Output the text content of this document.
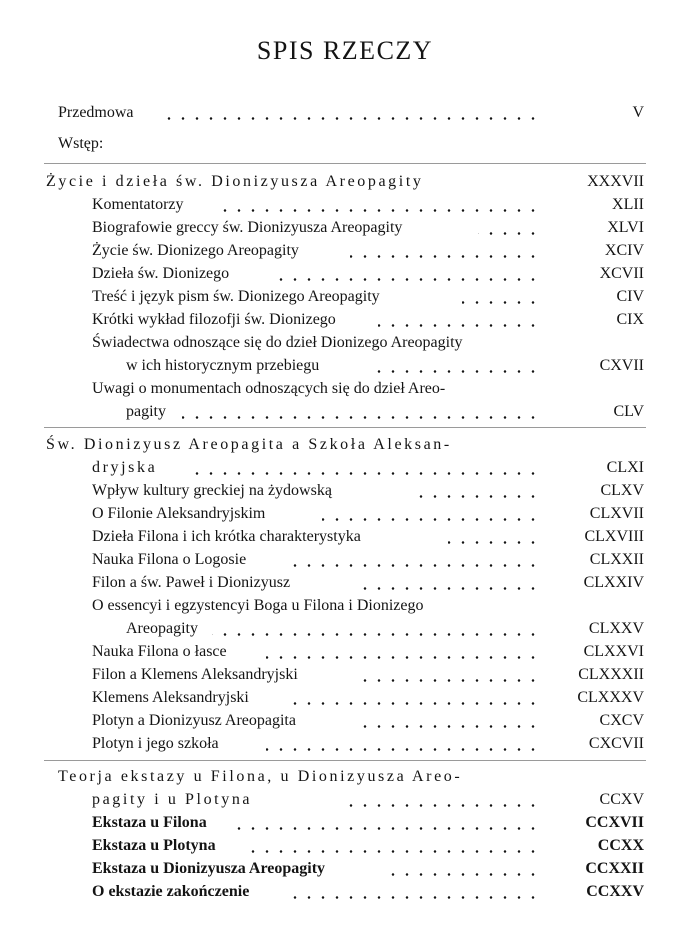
SPIS RZECZY
Przedmowa	V
Wstęp:
Życie i dzieła św. Dionizyusza Areopagity	XXXVII
Komentatorzy	XLII
Biografowie greccy św. Dionizyusza Areopagity	XLVI
Życie św. Dionizego Areopagity	XCIV
Dzieła św. Dionizego	XCVII
Treść i język pism św. Dionizego Areopagity	CIV
Krótki wykład filozofji św. Dionizego	CIX
Świadectwa odnoszące się do dzieł Dionizego Areopagity
w ich historycznym przebiegu	CXVII
Uwagi o monumentach odnoszących się do dzieł Areo-
pagity	CLV
Św. Dionizyusz Areopagita a Szkoła Aleksan-
dryjska	CLXI
Wpływ kultury greckiej na żydowską	CLXV
O Filonie Aleksandryjskim	CLXVII
Dzieła Filona i ich krótka charakterystyka	CLXVIII
Nauka Filona o Logosie	CLXXII
Filon a św. Paweł i Dionizyusz	CLXXIV
O essencyi i egzystencyi Boga u Filona i Dionizego
Areopagity	CLXXV
Nauka Filona o łasce	CLXXVI
Filon a Klemens Aleksandryjski	CLXXXII
Klemens Aleksandryjski	CLXXXV
Plotyn a Dionizyusz Areopagita	CXCV
Plotyn i jego szkoła	CXCVII
Teorja ekstazy u Filona, u Dionizyusza Areo-
pagity i u Plotyna	CCXV
Ekstaza u Filona	CCXVII
Ekstaza u Plotyna	CCXX
Ekstaza u Dionizyusza Areopagity	CCXXII
O ekstazie zakończenie	CCXXV
